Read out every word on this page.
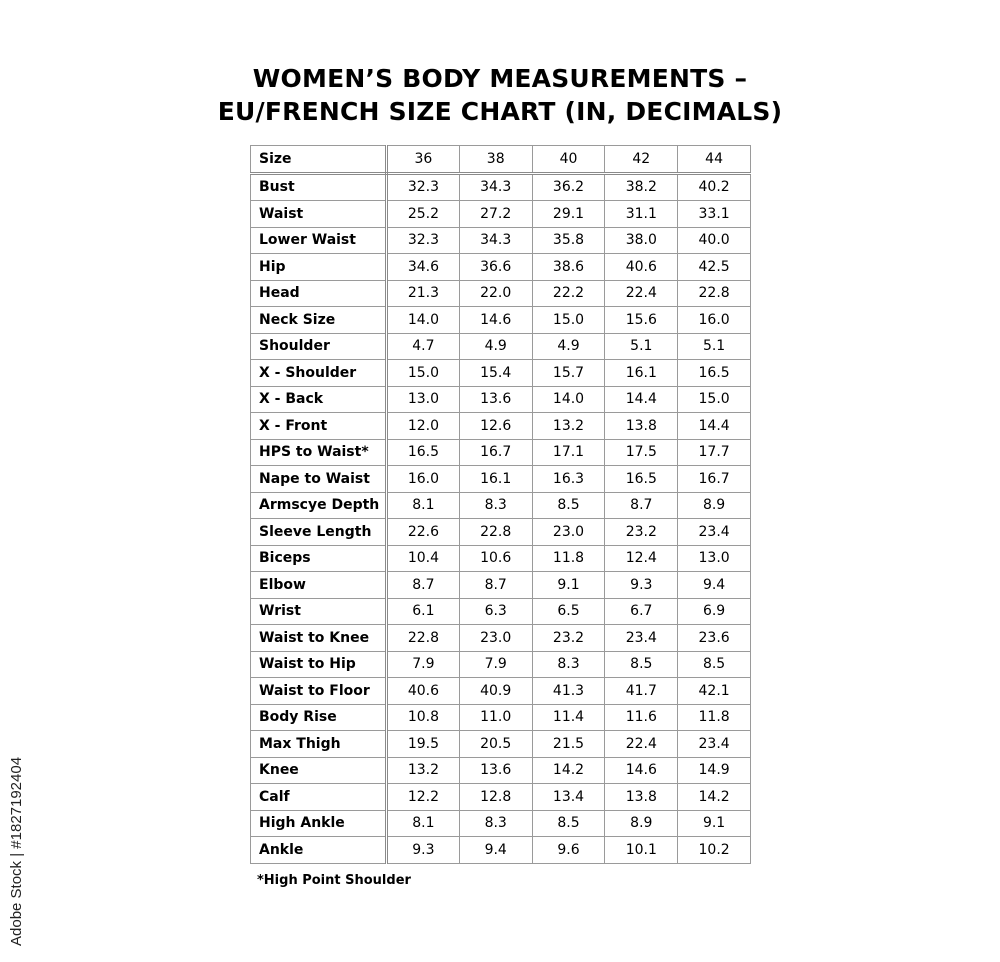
WOMEN’S BODY MEASUREMENTS –
EU/FRENCH SIZE CHART (IN, DECIMALS)
Size	36	38	40	42	44
Bust	32.3	34.3	36.2	38.2	40.2
Waist	25.2	27.2	29.1	31.1	33.1
Lower Waist	32.3	34.3	35.8	38.0	40.0
Hip	34.6	36.6	38.6	40.6	42.5
Head	21.3	22.0	22.2	22.4	22.8
Neck Size	14.0	14.6	15.0	15.6	16.0
Shoulder	4.7	4.9	4.9	5.1	5.1
X - Shoulder	15.0	15.4	15.7	16.1	16.5
X - Back	13.0	13.6	14.0	14.4	15.0
X - Front	12.0	12.6	13.2	13.8	14.4
HPS to Waist*	16.5	16.7	17.1	17.5	17.7
Nape to Waist	16.0	16.1	16.3	16.5	16.7
Armscye Depth	8.1	8.3	8.5	8.7	8.9
Sleeve Length	22.6	22.8	23.0	23.2	23.4
Biceps	10.4	10.6	11.8	12.4	13.0
Elbow	8.7	8.7	9.1	9.3	9.4
Wrist	6.1	6.3	6.5	6.7	6.9
Waist to Knee	22.8	23.0	23.2	23.4	23.6
Waist to Hip	7.9	7.9	8.3	8.5	8.5
Waist to Floor	40.6	40.9	41.3	41.7	42.1
Body Rise	10.8	11.0	11.4	11.6	11.8
Max Thigh	19.5	20.5	21.5	22.4	23.4
Knee	13.2	13.6	14.2	14.6	14.9
Calf	12.2	12.8	13.4	13.8	14.2
High Ankle	8.1	8.3	8.5	8.9	9.1
Ankle	9.3	9.4	9.6	10.1	10.2
*High Point Shoulder
Adobe Stock | #1827192404
